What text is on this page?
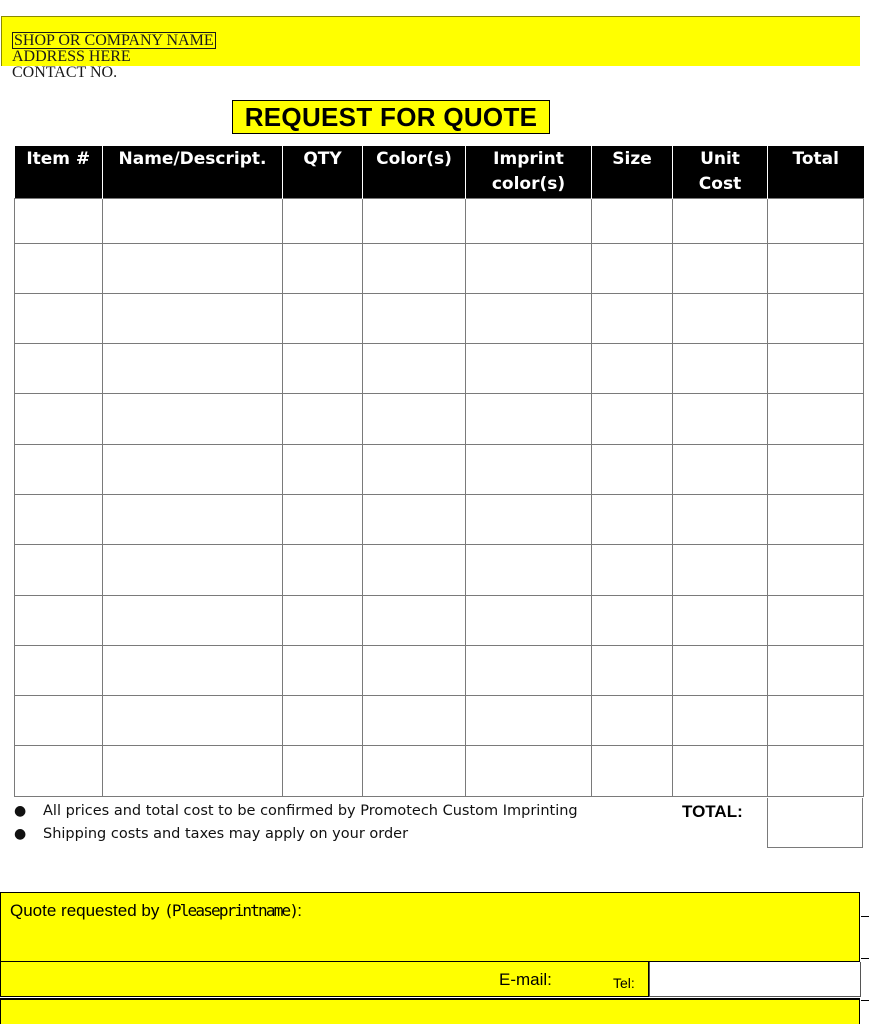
SHOP OR COMPANY NAME
ADDRESS HERE
CONTACT NO.
REQUEST FOR QUOTE
Item #	Name/Descript.	QTY	Color(s)	Imprint color(s)	Size	Unit Cost	Total

● All prices and total cost to be confirmed by Promotech Custom Imprinting
● Shipping costs and taxes may apply on your order
TOTAL:
Quote requested by (Pleaseprintname):
E-mail:	Tel:
